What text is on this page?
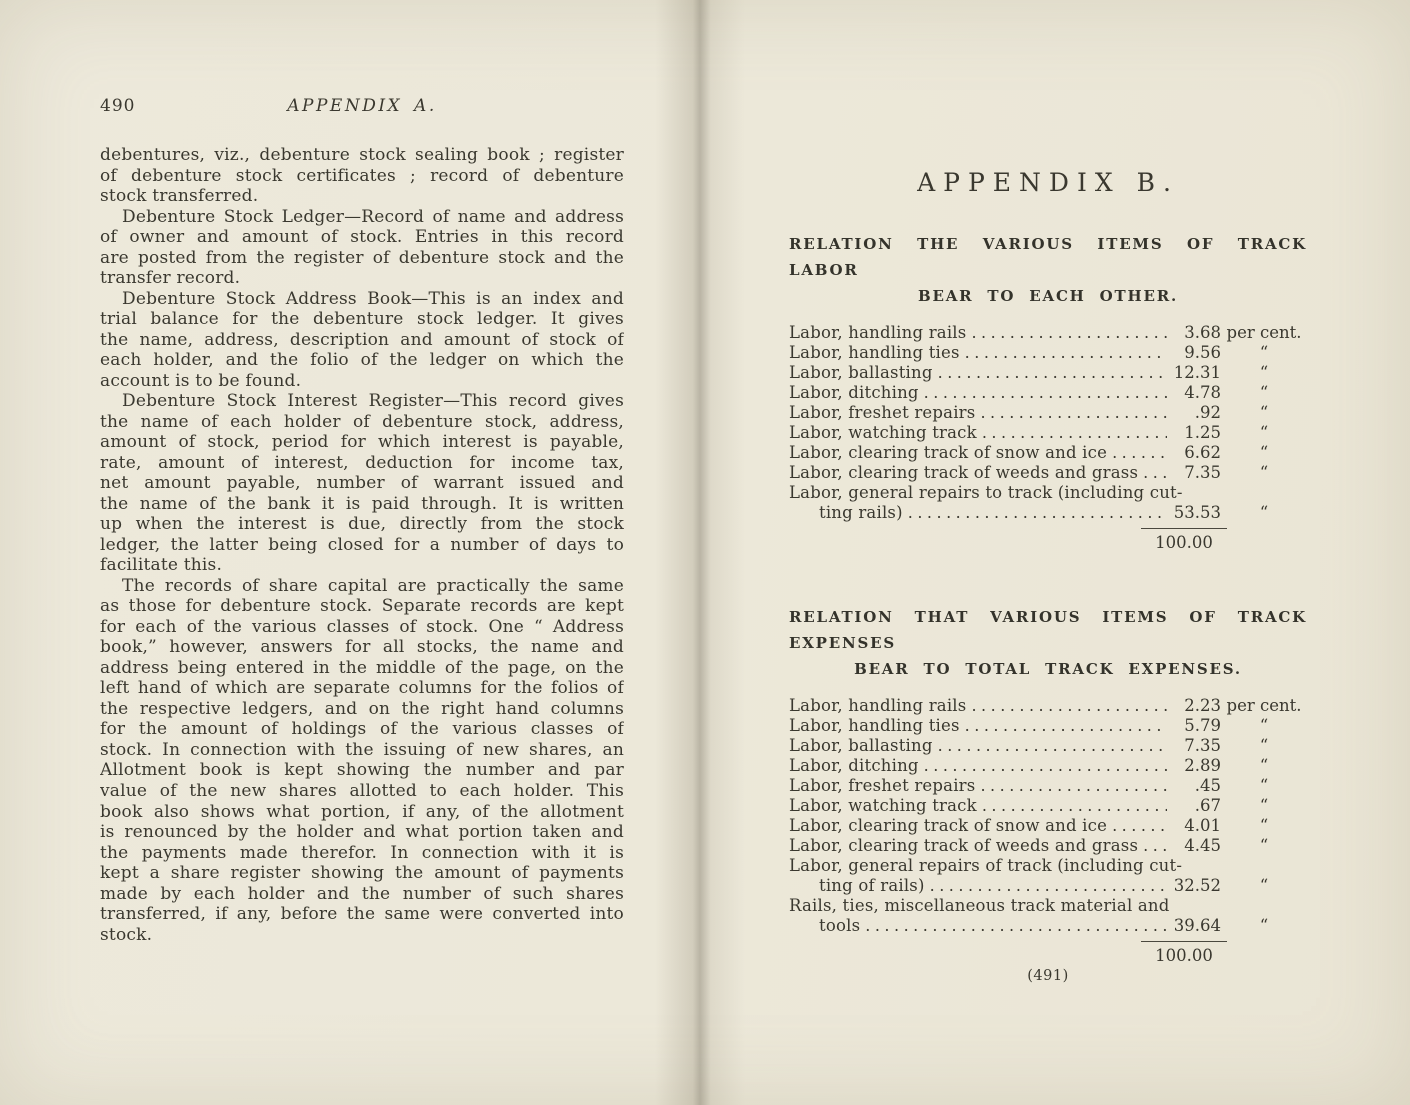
490	APPENDIX A.
debentures, viz., debenture stock sealing book ; register
of debenture stock certificates ; record of debenture
stock transferred.
Debenture Stock Ledger—Record of name and address
of owner and amount of stock. Entries in this record
are posted from the register of debenture stock and the
transfer record.
Debenture Stock Address Book—This is an index and
trial balance for the debenture stock ledger. It gives
the name, address, description and amount of stock of
each holder, and the folio of the ledger on which the
account is to be found.
Debenture Stock Interest Register—This record gives
the name of each holder of debenture stock, address,
amount of stock, period for which interest is payable,
rate, amount of interest, deduction for income tax,
net amount payable, number of warrant issued and
the name of the bank it is paid through. It is written
up when the interest is due, directly from the stock
ledger, the latter being closed for a number of days to
facilitate this.
The records of share capital are practically the same
as those for debenture stock. Separate records are kept
for each of the various classes of stock. One “ Address
book,” however, answers for all stocks, the name and
address being entered in the middle of the page, on the
left hand of which are separate columns for the folios of
the respective ledgers, and on the right hand columns
for the amount of holdings of the various classes of
stock. In connection with the issuing of new shares, an
Allotment book is kept showing the number and par
value of the new shares allotted to each holder. This
book also shows what portion, if any, of the allotment
is renounced by the holder and what portion taken and
the payments made therefor. In connection with it is
kept a share register showing the amount of payments
made by each holder and the number of such shares
transferred, if any, before the same were converted into
stock.
APPENDIX B.
RELATION THE VARIOUS ITEMS OF TRACK LABOR
BEAR TO EACH OTHER.
Labor, handling rails .....	3.68 per cent.
Labor, handling ties .....	9.56	“
Labor, ballasting .....	12.31	“
Labor, ditching .....	4.78	“
Labor, freshet repairs .....	.92	“
Labor, watching track .....	1.25	“
Labor, clearing track of snow and ice .....	6.62	“
Labor, clearing track of weeds and grass .....	7.35	“
Labor, general repairs to track (including cut-
ting rails) .....	53.53	“
100.00
RELATION THAT VARIOUS ITEMS OF TRACK EXPENSES
BEAR TO TOTAL TRACK EXPENSES.
Labor, handling rails .....	2.23 per cent.
Labor, handling ties .....	5.79	“
Labor, ballasting .....	7.35	“
Labor, ditching .....	2.89	“
Labor, freshet repairs .....	.45	“
Labor, watching track .....	.67	“
Labor, clearing track of snow and ice .....	4.01	“
Labor, clearing track of weeds and grass .....	4.45	“
Labor, general repairs of track (including cut-
ting of rails) .....	32.52	“
Rails, ties, miscellaneous track material and
tools .....	39.64	“
100.00
(491)
